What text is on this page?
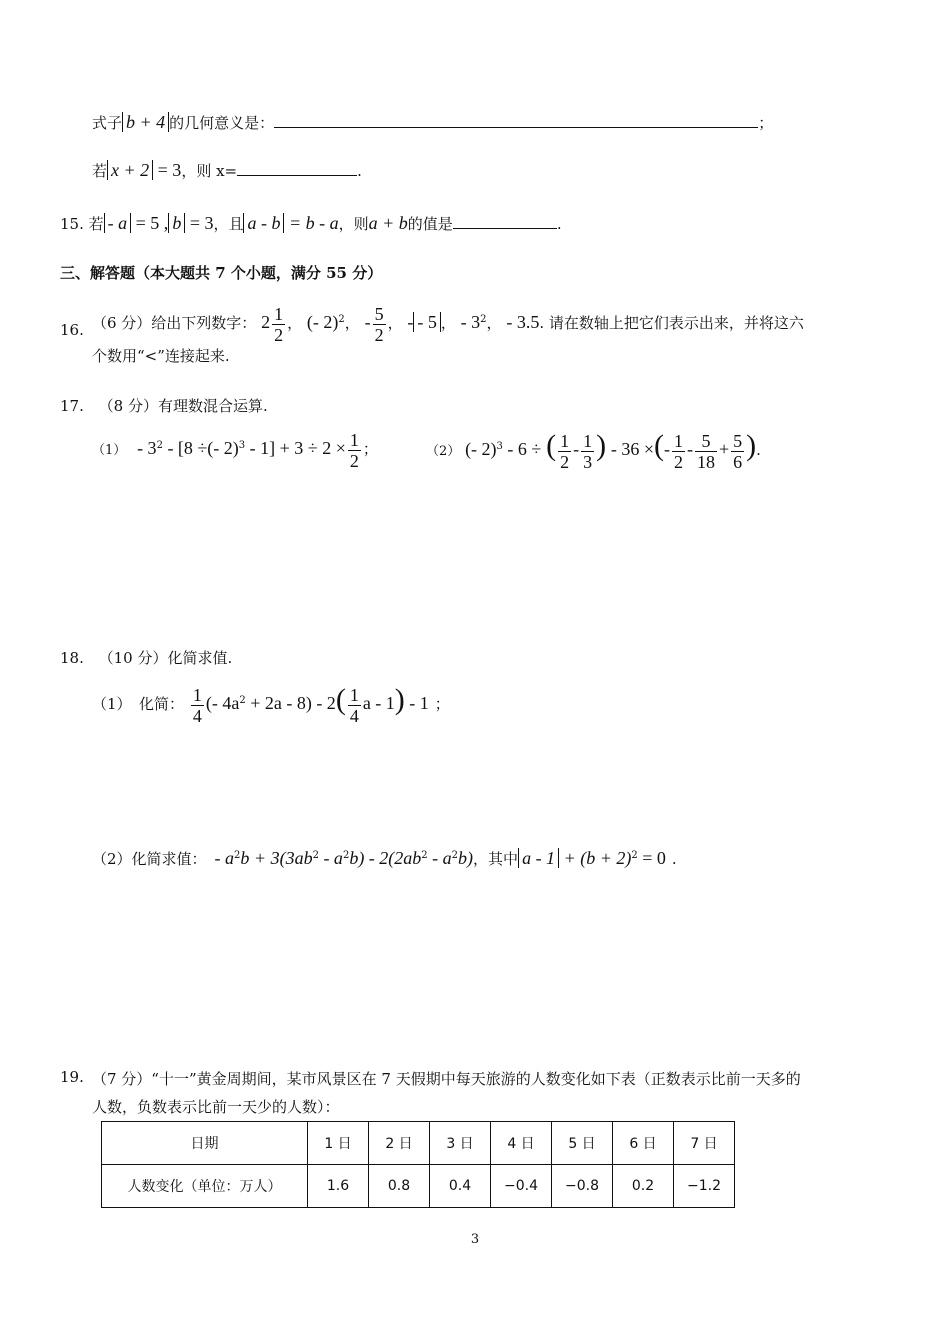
式子 b + 4 的几何意义是：	；
若 x + 2 = 3，则 x=	.
15. 若 - a = 5 , b = 3，且 a - b = b - a，则a + b的值是	.
三、解答题（本大题共 7 个小题，满分 55 分）
16. （6 分）给出下列数字： $2 \frac{1}{2}$ ， (- 2)$^2$， - $\frac{5}{2}$ ， - - 5 ， - $3^2$， - 3.5. 请在数轴上把它们表示出来，并将这六
个数用“<”连接起来.
17. （8 分）有理数混合运算.
$(1) - 3^2 - [8$ ÷(- $2)^3 - 1] + 3 \div 2 \times \frac{1}{2}$ ；	（2） (- 2)$^3$ - 6 ÷ ( $\frac{1}{2} - \frac{1}{3}$ ) - 36 ×(- $\frac{1}{2} - \frac{5}{18} + \frac{5}{6}$ ).
18. （10 分）化简求值.
（1）　化简： $\frac{1}{4}$ (- $4a^2 + 2a - 8) - 2( \frac{1}{4}$ a - 1) - 1 ；
（2）化简求值： - $a^2b + 3(3ab^2 - a^2b) - 2(2ab^2 - a^2b)$，其中 $a - 1 + (b + 2)^2 = 0$ .
19. （7 分）“十一”黄金周期间，某市风景区在 7 天假期中每天旅游的人数变化如下表（正数表示比前一天多的
人数，负数表示比前一天少的人数）：
日期	1 日	2 日	3 日	4 日	5 日	6 日	7 日
人数变化（单位：万人）	1.6	0.8	0.4	−0.4	−0.8	0.2	−1.2
3
